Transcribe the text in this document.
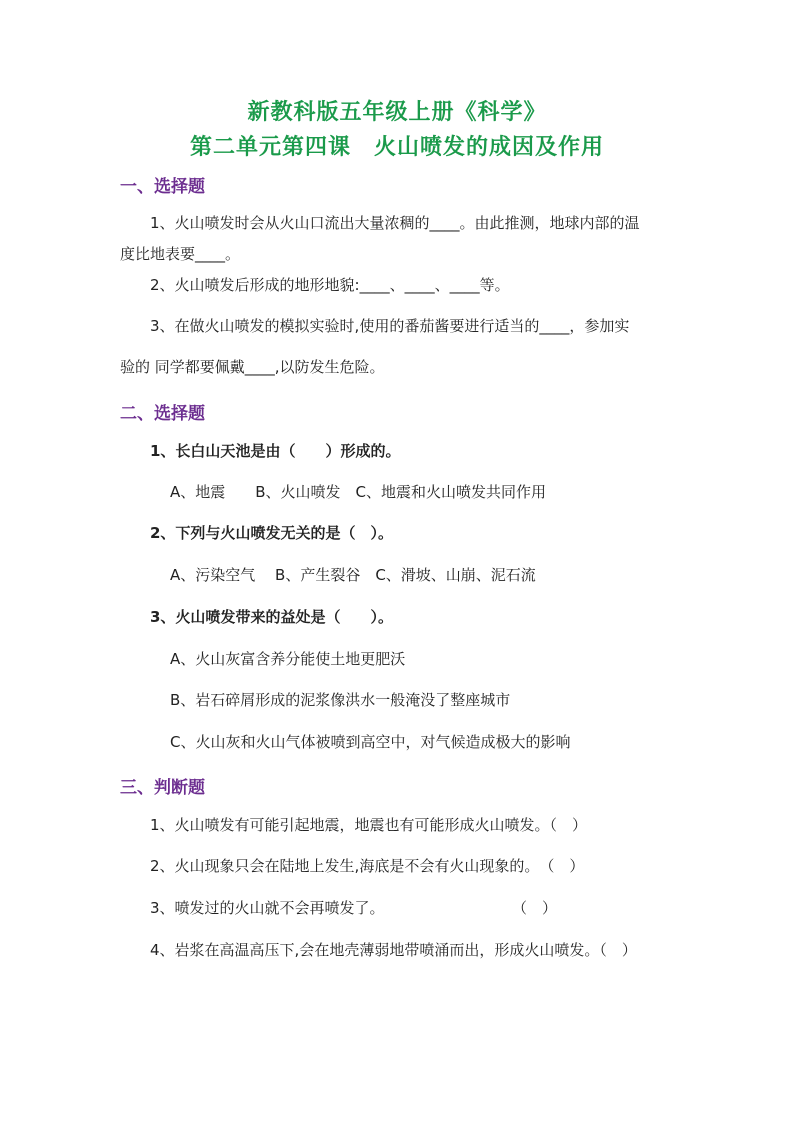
新教科版五年级上册《科学》
第二单元第四课　火山喷发的成因及作用
一、选择题
1、火山喷发时会从火山口流出大量浓稠的____。由此推测，地球内部的温
度比地表要____。
2、火山喷发后形成的地形地貌:____、____、____等。
3、在做火山喷发的模拟实验时,使用的番茄酱要进行适当的____，参加实
验的 同学都要佩戴____,以防发生危险。
二、选择题
1、长白山天池是由（　　）形成的。
A、地震　　B、火山喷发　C、地震和火山喷发共同作用
2、下列与火山喷发无关的是（　）。
A、污染空气　 B、产生裂谷　C、滑坡、山崩、泥石流
3、火山喷发带来的益处是（　　）。
A、火山灰富含养分能使土地更肥沃
B、岩石碎屑形成的泥浆像洪水一般淹没了整座城市
C、火山灰和火山气体被喷到高空中，对气候造成极大的影响
三、判断题
1、火山喷发有可能引起地震，地震也有可能形成火山喷发。（　）
2、火山现象只会在陆地上发生,海底是不会有火山现象的。　（　）
3、喷发过的火山就不会再喷发了。	（　）
4、岩浆在高温高压下,会在地壳薄弱地带喷涌而出，形成火山喷发。（　）
